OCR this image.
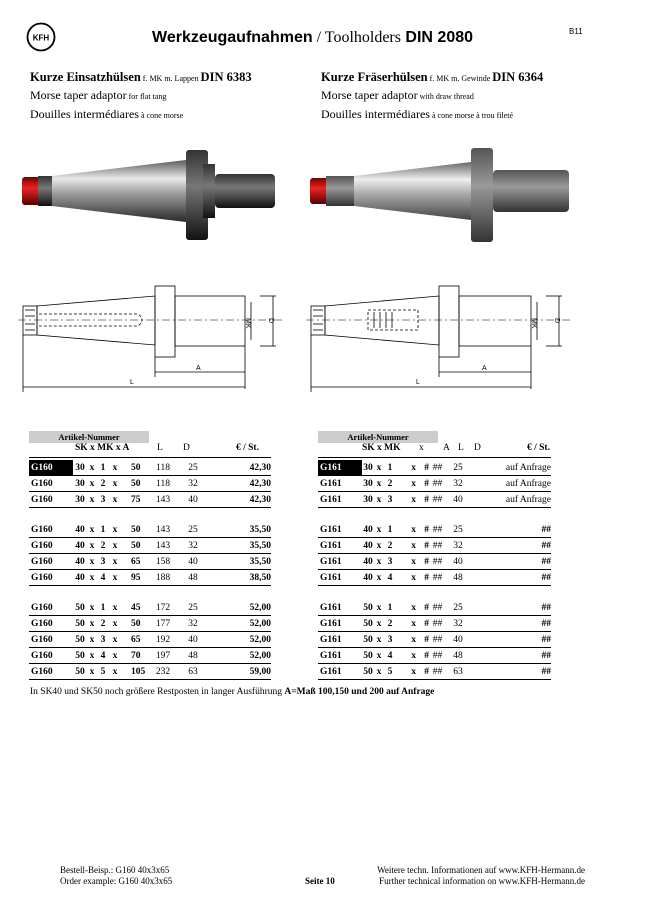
KFH	Werkzeugaufnahmen / Toolholders DIN 2080	B11
Kurze Einsatzhülsen f. MK m. Lappen DIN 6383
Morse taper adaptor for flat tang
Douilles intermédiares à cone morse
Kurze Fräserhülsen f. MK m. Gewinde DIN 6364
Morse taper adaptor with draw thread
Douilles intermédiares à cone morse à trou fileté
MK D
A
L
MK D
A
L
Artikel-Nummer
SK x MK x A	L D	€ / St.
G160	30	x	1	x		50	118	25	42,30
G160	30	x	2	x		50	118	32	42,30
G160	30	x	3	x		75	143	40	42,30

G160	40	x	1	x		50	143	25	35,50
G160	40	x	2	x		50	143	32	35,50
G160	40	x	3	x		65	158	40	35,50
G160	40	x	4	x		95	188	48	38,50

G160	50	x	1	x		45	172	25	52,00
G160	50	x	2	x		50	177	32	52,00
G160	50	x	3	x		65	192	40	52,00
G160	50	x	4	x		70	197	48	52,00
G160	50	x	5	x		105	232	63	59,00
Artikel-Nummer
SK x MK x A L D	€ / St.
G161	30	x	1	x	#	##	25	auf Anfrage
G161	30	x	2	x	#	##	32	auf Anfrage
G161	30	x	3	x	#	##	40	auf Anfrage

G161	40	x	1	x	#	##	25	##
G161	40	x	2	x	#	##	32	##
G161	40	x	3	x	#	##	40	##
G161	40	x	4	x	#	##	48	##

G161	50	x	1	x	#	##	25	##
G161	50	x	2	x	#	##	32	##
G161	50	x	3	x	#	##	40	##
G161	50	x	4	x	#	##	48	##
G161	50	x	5	x	#	##	63	##
In SK40 und SK50 noch größere Restposten in langer Ausführung A=Maß 100,150 und 200 auf Anfrage
Bestell-Beisp.: G160 40x3x65
Order example: G160 40x3x65	Seite 10
Weitere techn. Informationen auf www.KFH-Hermann.de
Further technical information on www.KFH-Hermann.de
